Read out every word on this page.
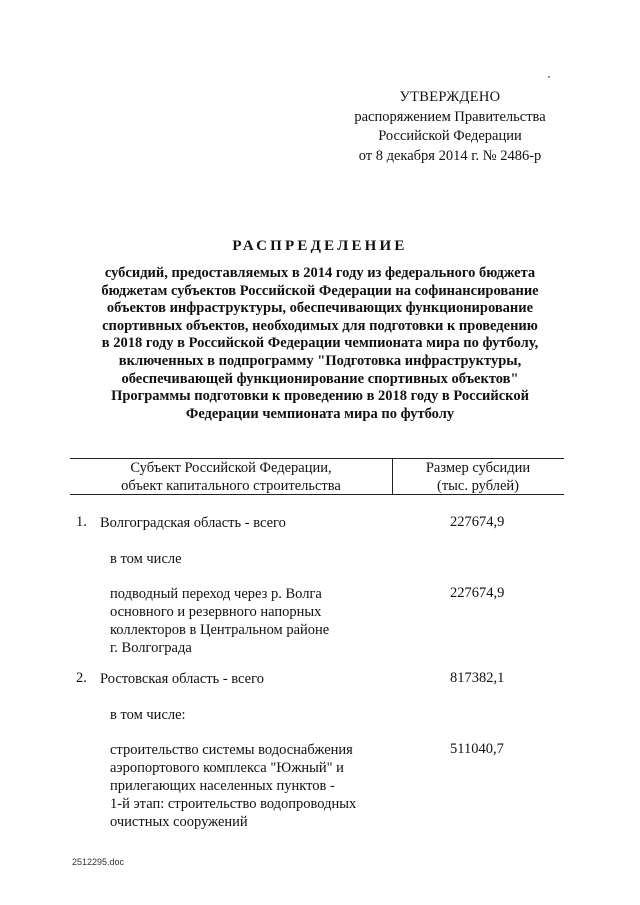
УТВЕРЖДЕНО
распоряжением Правительства
Российской Федерации
от 8 декабря 2014 г. № 2486-р
РАСПРЕДЕЛЕНИЕ
субсидий, предоставляемых в 2014 году из федерального бюджета
бюджетам субъектов Российской Федерации на софинансирование
объектов инфраструктуры, обеспечивающих функционирование
спортивных объектов, необходимых для подготовки к проведению
в 2018 году в Российской Федерации чемпионата мира по футболу,
включенных в подпрограмму "Подготовка инфраструктуры,
обеспечивающей функционирование спортивных объектов"
Программы подготовки к проведению в 2018 году в Российской
Федерации чемпионата мира по футболу
Субъект Российской Федерации,
объект капитального строительства
Размер субсидии
(тыс. рублей)
1. Волгоградская область - всего	227674,9
в том числе
подводный переход через р. Волга
основного и резервного напорных
коллекторов в Центральном районе
г. Волгограда
227674,9
2. Ростовская область - всего	817382,1
в том числе:
строительство системы водоснабжения
аэропортового комплекса "Южный" и
прилегающих населенных пунктов -
1-й этап: строительство водопроводных
очистных сооружений
511040,7
2512295.doc
